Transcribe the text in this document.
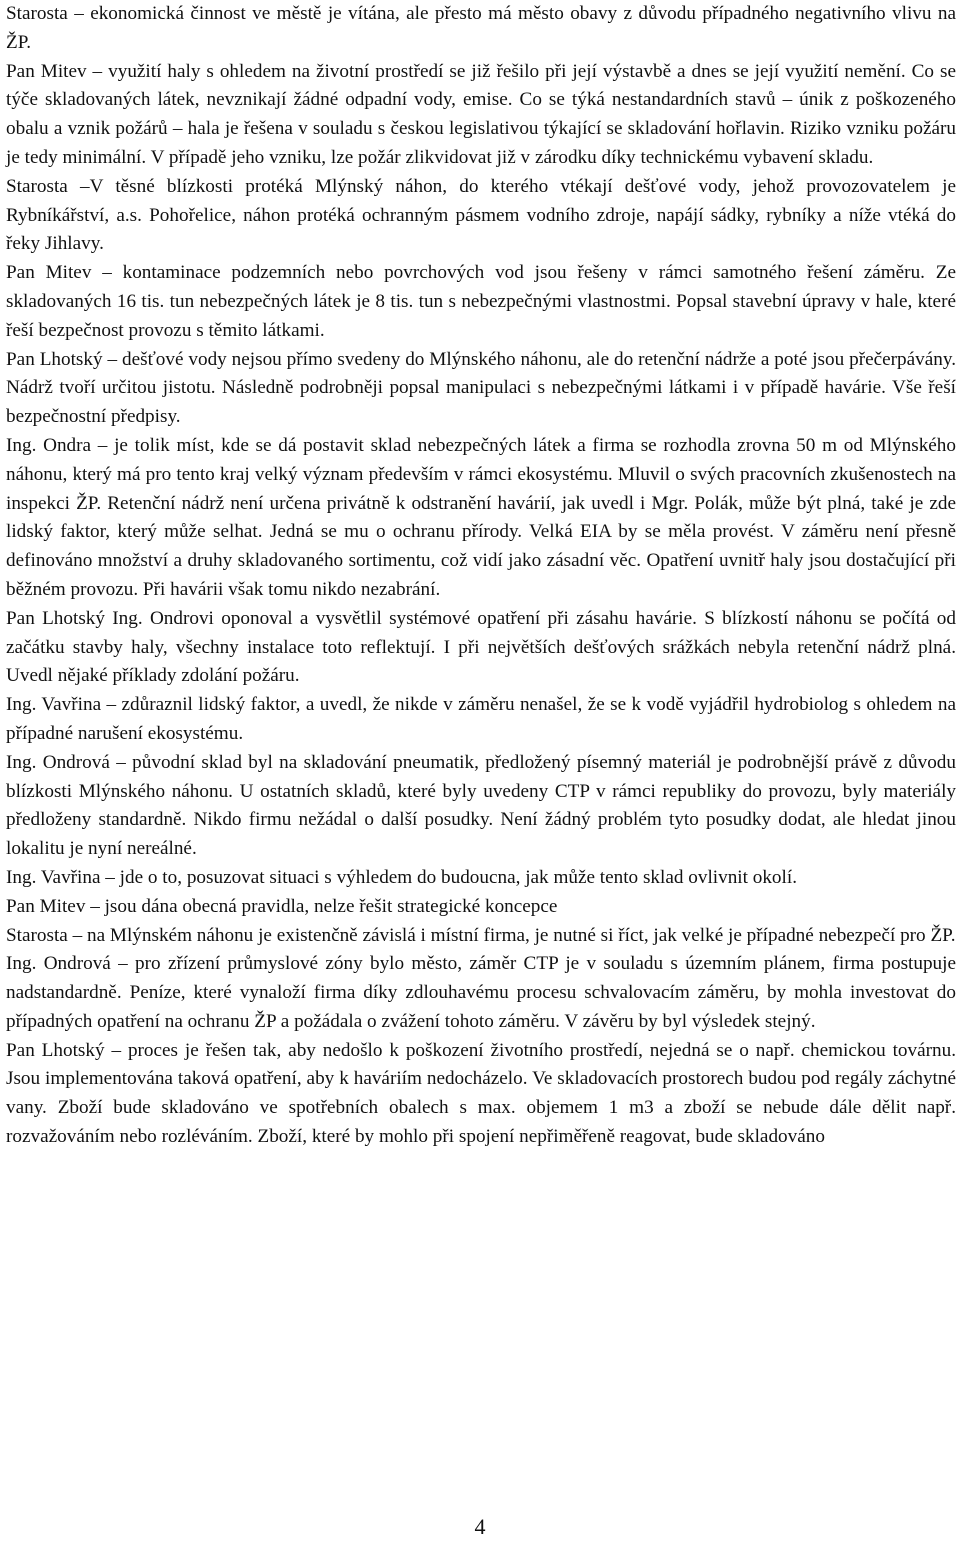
Starosta – ekonomická činnost ve městě je vítána, ale přesto má město obavy z důvodu případného negativního vlivu na ŽP.

Pan Mitev – využití haly s ohledem na životní prostředí se již řešilo při její výstavbě a dnes se její využití nemění. Co se týče skladovaných látek, nevznikají žádné odpadní vody, emise. Co se týká nestandardních stavů – únik z poškozeného obalu a vznik požárů – hala je řešena v souladu s českou legislativou týkající se skladování hořlavin. Riziko vzniku požáru je tedy minimální. V případě jeho vzniku, lze požár zlikvidovat již v zárodku díky technickému vybavení skladu.

Starosta –V těsné blízkosti protéká Mlýnský náhon, do kterého vtékají dešťové vody, jehož provozovatelem je Rybníkářství, a.s. Pohořelice, náhon protéká ochranným pásmem vodního zdroje, napájí sádky, rybníky a níže vtéká do řeky Jihlavy.

Pan Mitev – kontaminace podzemních nebo povrchových vod jsou řešeny v rámci samotného řešení záměru. Ze skladovaných 16 tis. tun nebezpečných látek je 8 tis. tun s nebezpečnými vlastnostmi. Popsal stavební úpravy v hale, které řeší bezpečnost provozu s těmito látkami.

Pan Lhotský – dešťové vody nejsou přímo svedeny do Mlýnského náhonu, ale do retenční nádrže a poté jsou přečerpávány. Nádrž tvoří určitou jistotu. Následně podrobněji popsal manipulaci s nebezpečnými látkami i v případě havárie. Vše řeší bezpečnostní předpisy.

Ing. Ondra – je tolik míst, kde se dá postavit sklad nebezpečných látek a firma se rozhodla zrovna 50 m od Mlýnského náhonu, který má pro tento kraj velký význam především v rámci ekosystému. Mluvil o svých pracovních zkušenostech na inspekci ŽP. Retenční nádrž není určena privátně k odstranění havárií, jak uvedl i Mgr. Polák, může být plná, také je zde lidský faktor, který může selhat. Jedná se mu o ochranu přírody. Velká EIA by se měla provést. V záměru není přesně definováno množství a druhy skladovaného sortimentu, což vidí jako zásadní věc. Opatření uvnitř haly jsou dostačující při běžném provozu. Při havárii však tomu nikdo nezabrání.

Pan Lhotský Ing. Ondrovi oponoval a vysvětlil systémové opatření při zásahu havárie. S blízkostí náhonu se počítá od začátku stavby haly, všechny instalace toto reflektují. I při největších dešťových srážkách nebyla retenční nádrž plná. Uvedl nějaké příklady zdolání požáru.

Ing. Vavřina – zdůraznil lidský faktor, a uvedl, že nikde v záměru nenašel, že se k vodě vyjádřil hydrobiolog s ohledem na případné narušení ekosystému.

Ing. Ondrová – původní sklad byl na skladování pneumatik, předložený písemný materiál je podrobnější právě z důvodu blízkosti Mlýnského náhonu. U ostatních skladů, které byly uvedeny CTP v rámci republiky do provozu, byly materiály předloženy standardně. Nikdo firmu nežádal o další posudky. Není žádný problém tyto posudky dodat, ale hledat jinou lokalitu je nyní nereálné.

Ing. Vavřina – jde o to, posuzovat situaci s výhledem do budoucna, jak může tento sklad ovlivnit okolí.

Pan Mitev – jsou dána obecná pravidla, nelze řešit strategické koncepce

Starosta – na Mlýnském náhonu je existenčně závislá i místní firma, je nutné si říct, jak velké je případné nebezpečí pro ŽP.

Ing. Ondrová – pro zřízení průmyslové zóny bylo město, záměr CTP je v souladu s územním plánem, firma postupuje nadstandardně. Peníze, které vynaloží firma díky zdlouhavému procesu schvalovacím záměru, by mohla investovat do případných opatření na ochranu ŽP a požádala o zvážení tohoto záměru. V závěru by byl výsledek stejný.

Pan Lhotský – proces je řešen tak, aby nedošlo k poškození životního prostředí, nejedná se o např. chemickou továrnu. Jsou implementována taková opatření, aby k haváriím nedocházelo. Ve skladovacích prostorech budou pod regály záchytné vany. Zboží bude skladováno ve spotřebních obalech s max. objemem 1 m3 a zboží se nebude dále dělit např. rozvažováním nebo rozléváním. Zboží, které by mohlo při spojení nepřiměřeně reagovat, bude skladováno

4
